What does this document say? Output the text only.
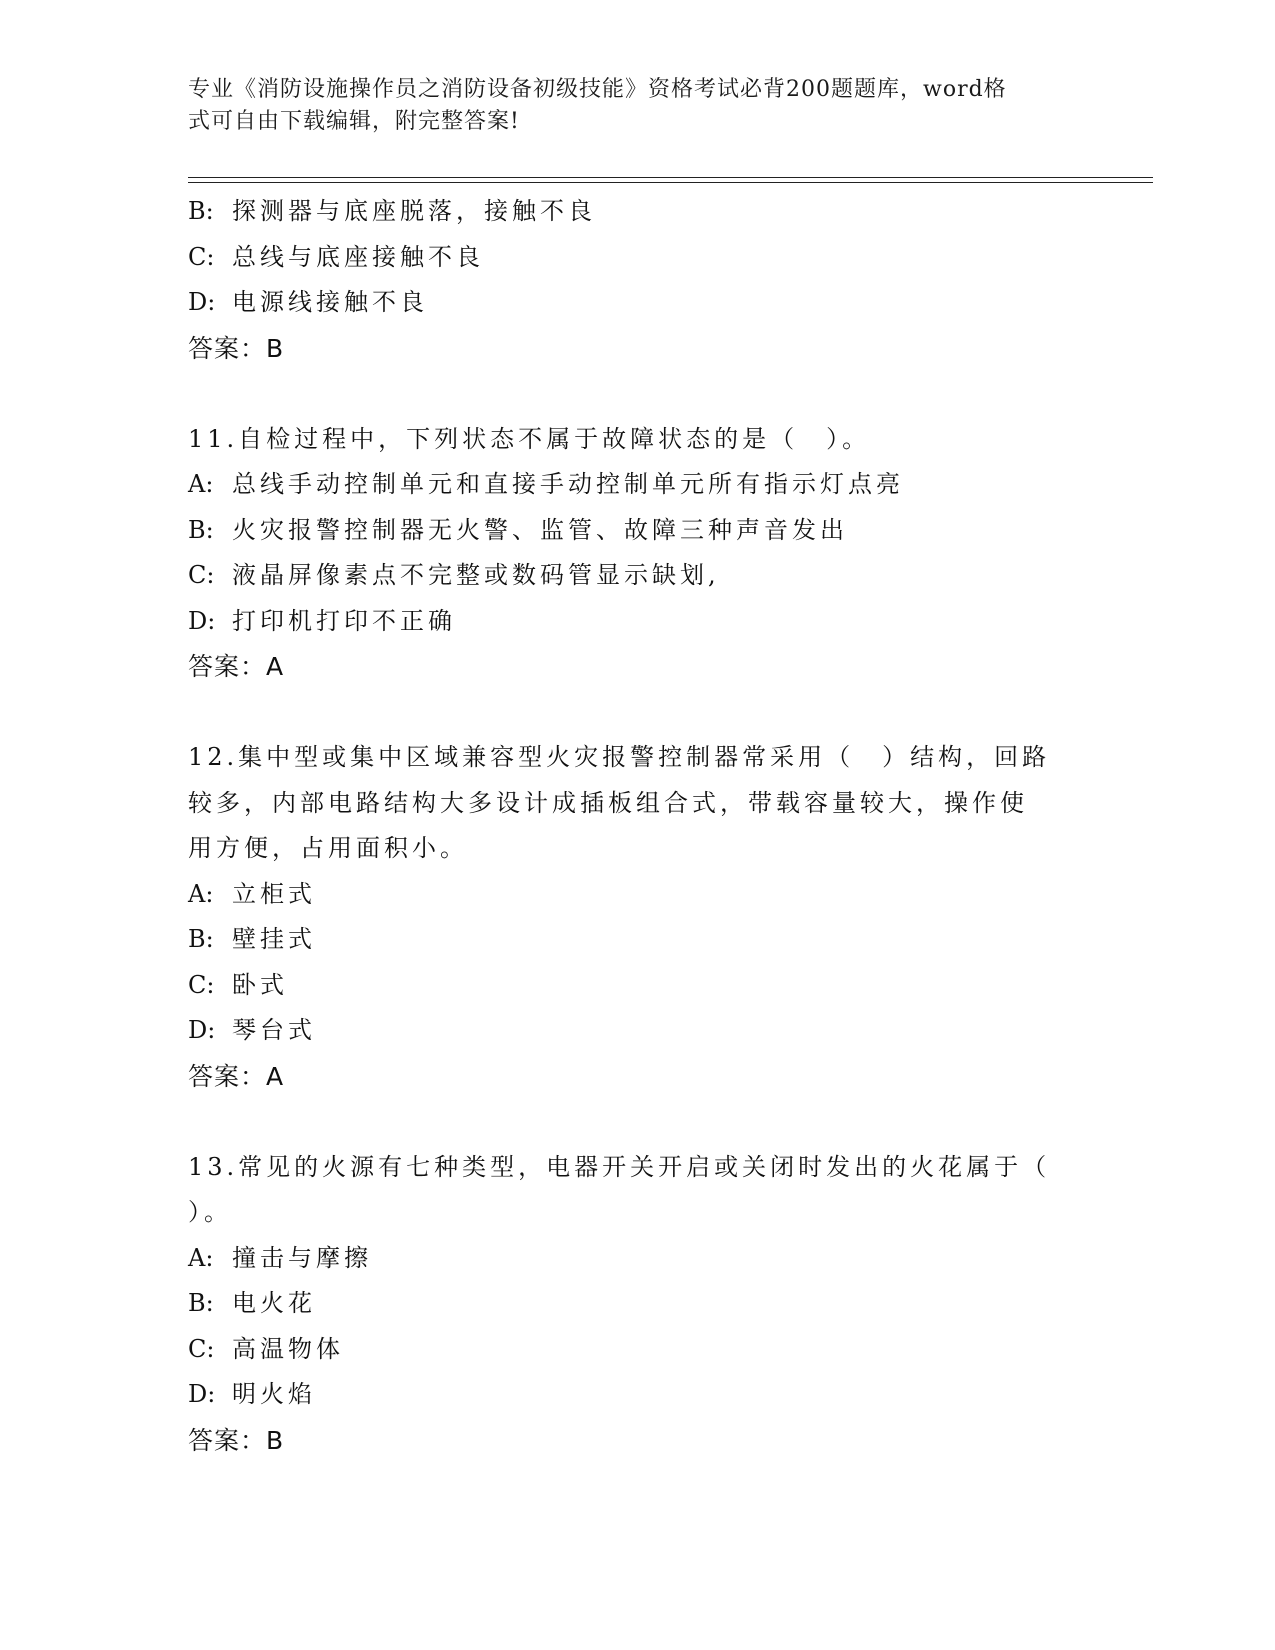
专业《消防设施操作员之消防设备初级技能》资格考试必背200题题库，word格
式可自由下载编辑，附完整答案!
B: 探测器与底座脱落，接触不良
C: 总线与底座接触不良
D: 电源线接触不良
答案：B
11.自检过程中，下列状态不属于故障状态的是（　）。
A: 总线手动控制单元和直接手动控制单元所有指示灯点亮
B: 火灾报警控制器无火警、监管、故障三种声音发出
C: 液晶屏像素点不完整或数码管显示缺划,
D: 打印机打印不正确
答案：A
12.集中型或集中区域兼容型火灾报警控制器常采用（　）结构，回路
较多，内部电路结构大多设计成插板组合式，带载容量较大，操作使
用方便，占用面积小。
A: 立柜式
B: 壁挂式
C: 卧式
D: 琴台式
答案：A
13.常见的火源有七种类型，电器开关开启或关闭时发出的火花属于（
）。
A: 撞击与摩擦
B: 电火花
C: 高温物体
D: 明火焰
答案：B
